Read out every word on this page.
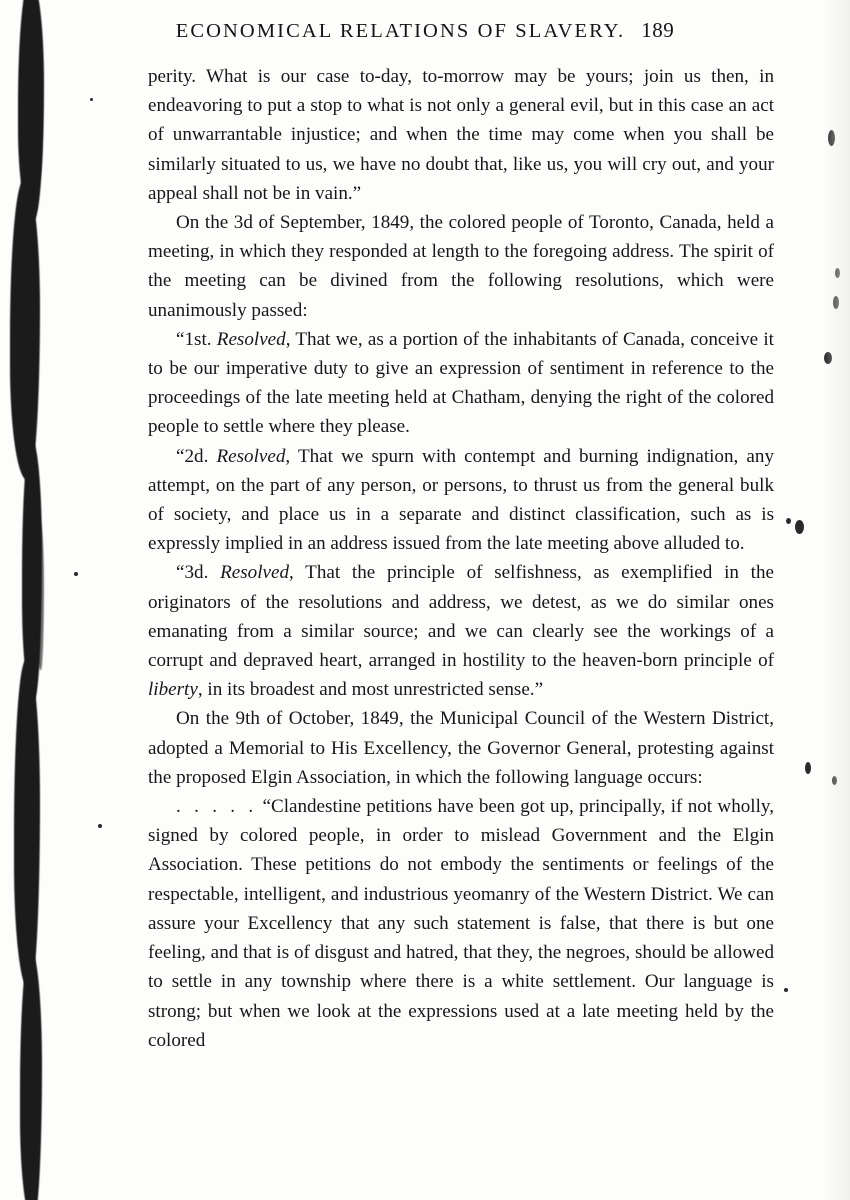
ECONOMICAL RELATIONS OF SLAVERY. 189

perity. What is our case to-day, to-morrow may be yours; join us then, in endeavoring to put a stop to what is not only a general evil, but in this case an act of unwarrantable injustice; and when the time may come when you shall be similarly situated to us, we have no doubt that, like us, you will cry out, and your appeal shall not be in vain.”

On the 3d of September, 1849, the colored people of Toronto, Canada, held a meeting, in which they responded at length to the foregoing address. The spirit of the meeting can be divined from the following resolutions, which were unanimously passed:

“1st. Resolved, That we, as a portion of the inhabitants of Canada, conceive it to be our imperative duty to give an expression of sentiment in reference to the proceedings of the late meeting held at Chatham, denying the right of the colored people to settle where they please.

“2d. Resolved, That we spurn with contempt and burning indignation, any attempt, on the part of any person, or persons, to thrust us from the general bulk of society, and place us in a separate and distinct classification, such as is expressly implied in an address issued from the late meeting above alluded to.

“3d. Resolved, That the principle of selfishness, as exemplified in the originators of the resolutions and address, we detest, as we do similar ones emanating from a similar source; and we can clearly see the workings of a corrupt and depraved heart, arranged in hostility to the heaven-born principle of liberty, in its broadest and most unrestricted sense.”

On the 9th of October, 1849, the Municipal Council of the Western District, adopted a Memorial to His Excellency, the Governor General, protesting against the proposed Elgin Association, in which the following language occurs:

. . . . . “Clandestine petitions have been got up, principally, if not wholly, signed by colored people, in order to mislead Government and the Elgin Association. These petitions do not embody the sentiments or feelings of the respectable, intelligent, and industrious yeomanry of the Western District. We can assure your Excellency that any such statement is false, that there is but one feeling, and that is of disgust and hatred, that they, the negroes, should be allowed to settle in any township where there is a white settlement. Our language is strong; but when we look at the expressions used at a late meeting held by the colored
